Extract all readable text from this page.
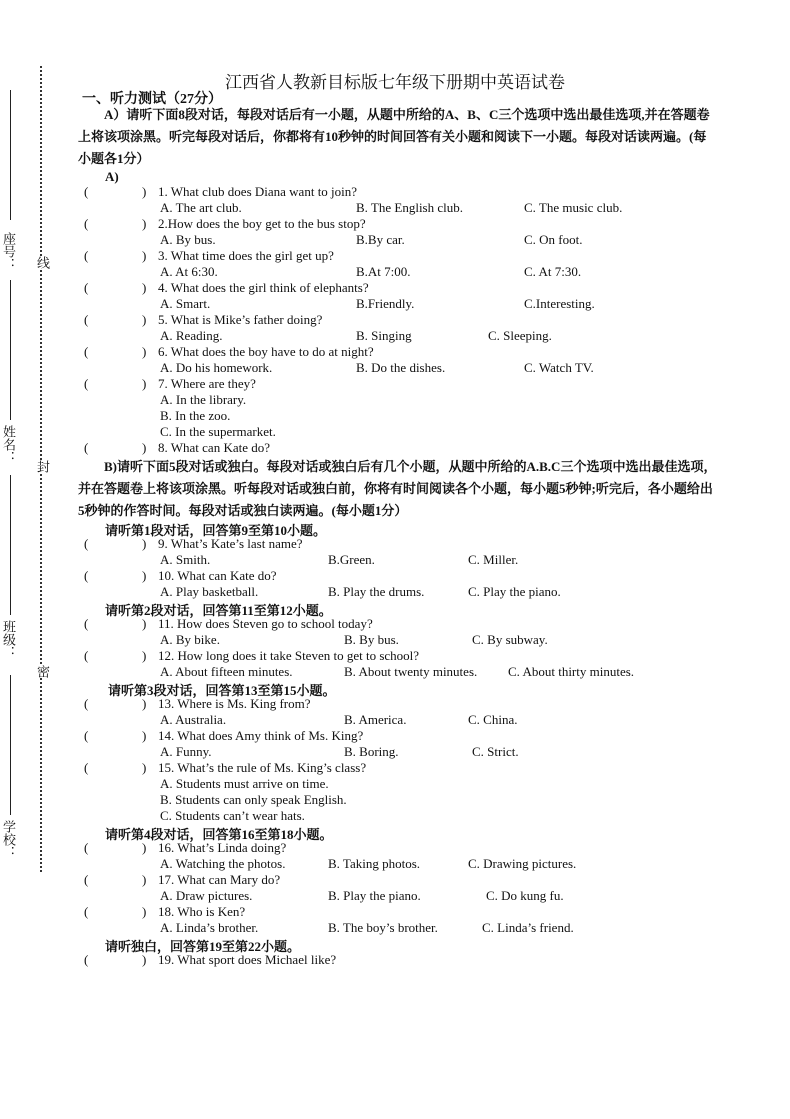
座号：
姓名：
班级：
学校：
线
封
密
江西省人教新目标版七年级下册期中英语试卷
一、听力测试（27分）
A）请听下面8段对话，每段对话后有一小题，从题中所给的A、B、C三个选项中选出最佳选项,并在答题卷上将该项涂黑。听完每段对话后，你都将有10秒钟的时间回答有关小题和阅读下一小题。每段对话读两遍。(每小题各1分）
A)
B)请听下面5段对话或独白。每段对话或独白后有几个小题，从题中所给的A.B.C三个选项中选出最佳选项，并在答题卷上将该项涂黑。听每段对话或独白前，你将有时间阅读各个小题，每小题5秒钟;听完后，各小题给出5秒钟的作答时间。每段对话或独白读两遍。(每小题1分）
请听第1段对话，回答第9至第10小题。
请听第2段对话，回答第11至第12小题。
请听第3段对话，回答第13至第15小题。
请听第4段对话，回答第16至第18小题。
请听独白，回答第19至第22小题。
(	) 1. What club does Diana want to join?
A. The art club.	B. The English club.	C. The music club.
(	) 2.How does the boy get to the bus stop?
A. By bus.	B.By car.	C. On foot.
(	) 3. What time does the girl get up?
A. At 6:30.	B.At 7:00.	C. At 7:30.
(	) 4. What does the girl think of elephants?
A. Smart.	B.Friendly.	C.Interesting.
(	) 5. What is Mike’s father doing?
A. Reading.	B. Singing	C. Sleeping.
(	) 6. What does the boy have to do at night?
A. Do his homework.	B. Do the dishes.	C. Watch TV.
(	) 7. Where are they?
A. In the library.
B. In the zoo.
C. In the supermarket.
(	) 8. What can Kate do?
(	) 9. What’s Kate’s last name?
A. Smith.	B.Green.	C. Miller.
(	) 10. What can Kate do?
A. Play basketball.	B. Play the drums.	C. Play the piano.
(	) 11. How does Steven go to school today?
A. By bike.	B. By bus.	C. By subway.
(	) 12. How long does it take Steven to get to school?
A. About fifteen minutes.	B. About twenty minutes. C. About thirty minutes.
(	) 13. Where is Ms. King from?
A. Australia.	B. America.	C. China.
(	) 14. What does Amy think of Ms. King?
A. Funny.	B. Boring.	C. Strict.
(	) 15. What’s the rule of Ms. King’s class?
A. Students must arrive on time.
B. Students can only speak English.
C. Students can’t wear hats.
(	) 16. What’s Linda doing?
A. Watching the photos.	B. Taking photos.	C. Drawing pictures.
(	) 17. What can Mary do?
A. Draw pictures.	B. Play the piano.	C. Do kung fu.
(	) 18. Who is Ken?
A. Linda’s brother.	B. The boy’s brother.	C. Linda’s friend.
(	) 19. What sport does Michael like?
